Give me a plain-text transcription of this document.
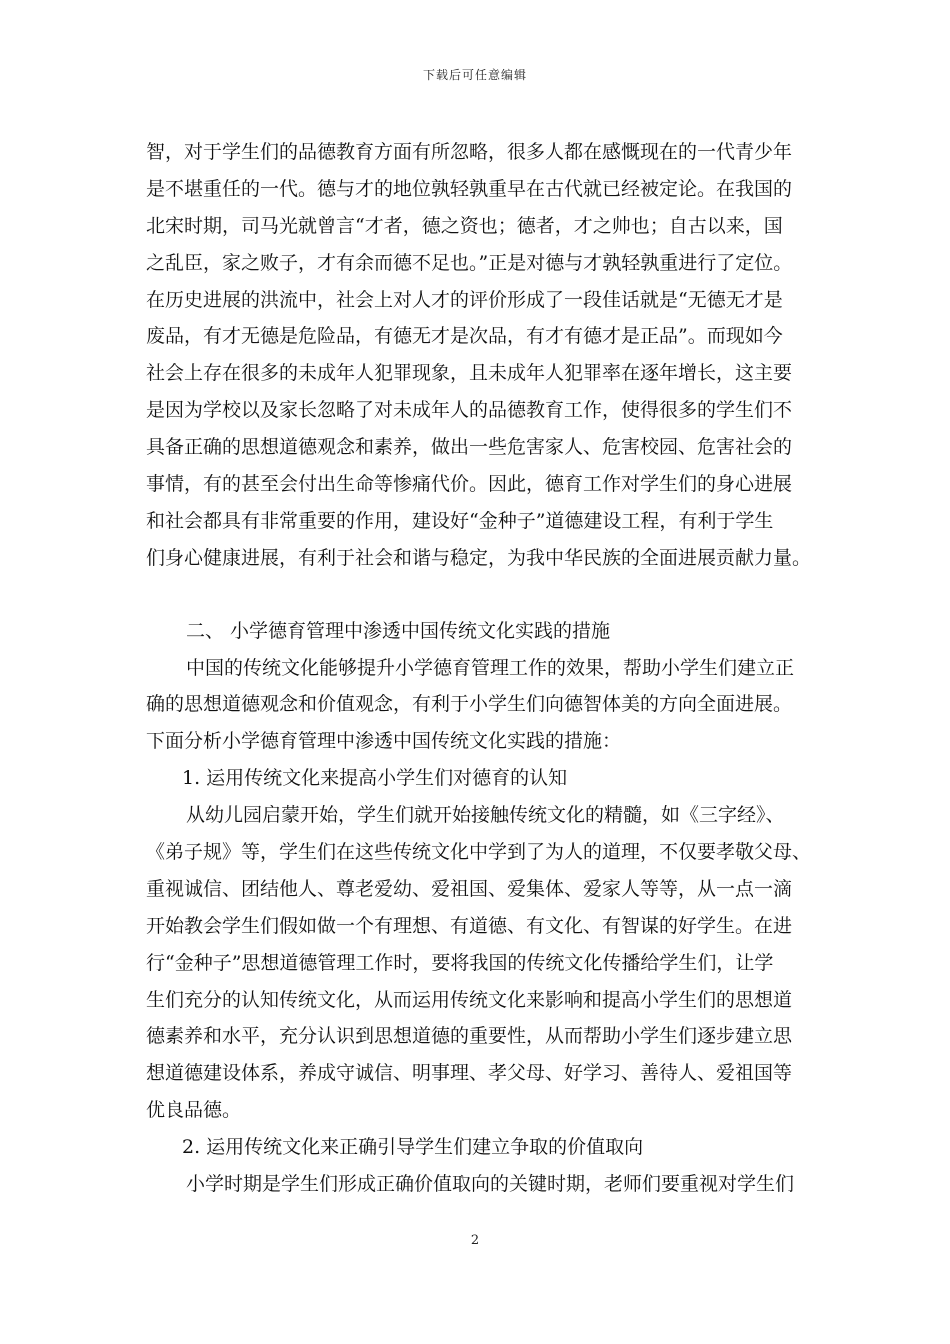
下载后可任意编辑
智，对于学生们的品德教育方面有所忽略，很多人都在感慨现在的一代青少年
是不堪重任的一代。德与才的地位孰轻孰重早在古代就已经被定论。在我国的
北宋时期，司马光就曾言“才者，德之资也；德者，才之帅也；自古以来，国
之乱臣，家之败子，才有余而德不足也。”正是对德与才孰轻孰重进行了定位。
在历史进展的洪流中，社会上对人才的评价形成了一段佳话就是“无德无才是
废品，有才无德是危险品，有德无才是次品，有才有德才是正品”。而现如今
社会上存在很多的未成年人犯罪现象，且未成年人犯罪率在逐年增长，这主要
是因为学校以及家长忽略了对未成年人的品德教育工作，使得很多的学生们不
具备正确的思想道德观念和素养，做出一些危害家人、危害校园、危害社会的
事情，有的甚至会付出生命等惨痛代价。因此，德育工作对学生们的身心进展
和社会都具有非常重要的作用，建设好“金种子”道德建设工程，有利于学生
们身心健康进展，有利于社会和谐与稳定，为我中华民族的全面进展贡献力量。
二、 小学德育管理中渗透中国传统文化实践的措施
中国的传统文化能够提升小学德育管理工作的效果，帮助小学生们建立正
确的思想道德观念和价值观念，有利于小学生们向德智体美的方向全面进展。
下面分析小学德育管理中渗透中国传统文化实践的措施：
1. 运用传统文化来提高小学生们对德育的认知
从幼儿园启蒙开始，学生们就开始接触传统文化的精髓，如《三字经》、
《弟子规》等，学生们在这些传统文化中学到了为人的道理，不仅要孝敬父母、
重视诚信、团结他人、尊老爱幼、爱祖国、爱集体、爱家人等等，从一点一滴
开始教会学生们假如做一个有理想、有道德、有文化、有智谋的好学生。在进
行“金种子”思想道德管理工作时，要将我国的传统文化传播给学生们，让学
生们充分的认知传统文化，从而运用传统文化来影响和提高小学生们的思想道
德素养和水平，充分认识到思想道德的重要性，从而帮助小学生们逐步建立思
想道德建设体系，养成守诚信、明事理、孝父母、好学习、善待人、爱祖国等
优良品德。
2. 运用传统文化来正确引导学生们建立争取的价值取向
小学时期是学生们形成正确价值取向的关键时期，老师们要重视对学生们
2
